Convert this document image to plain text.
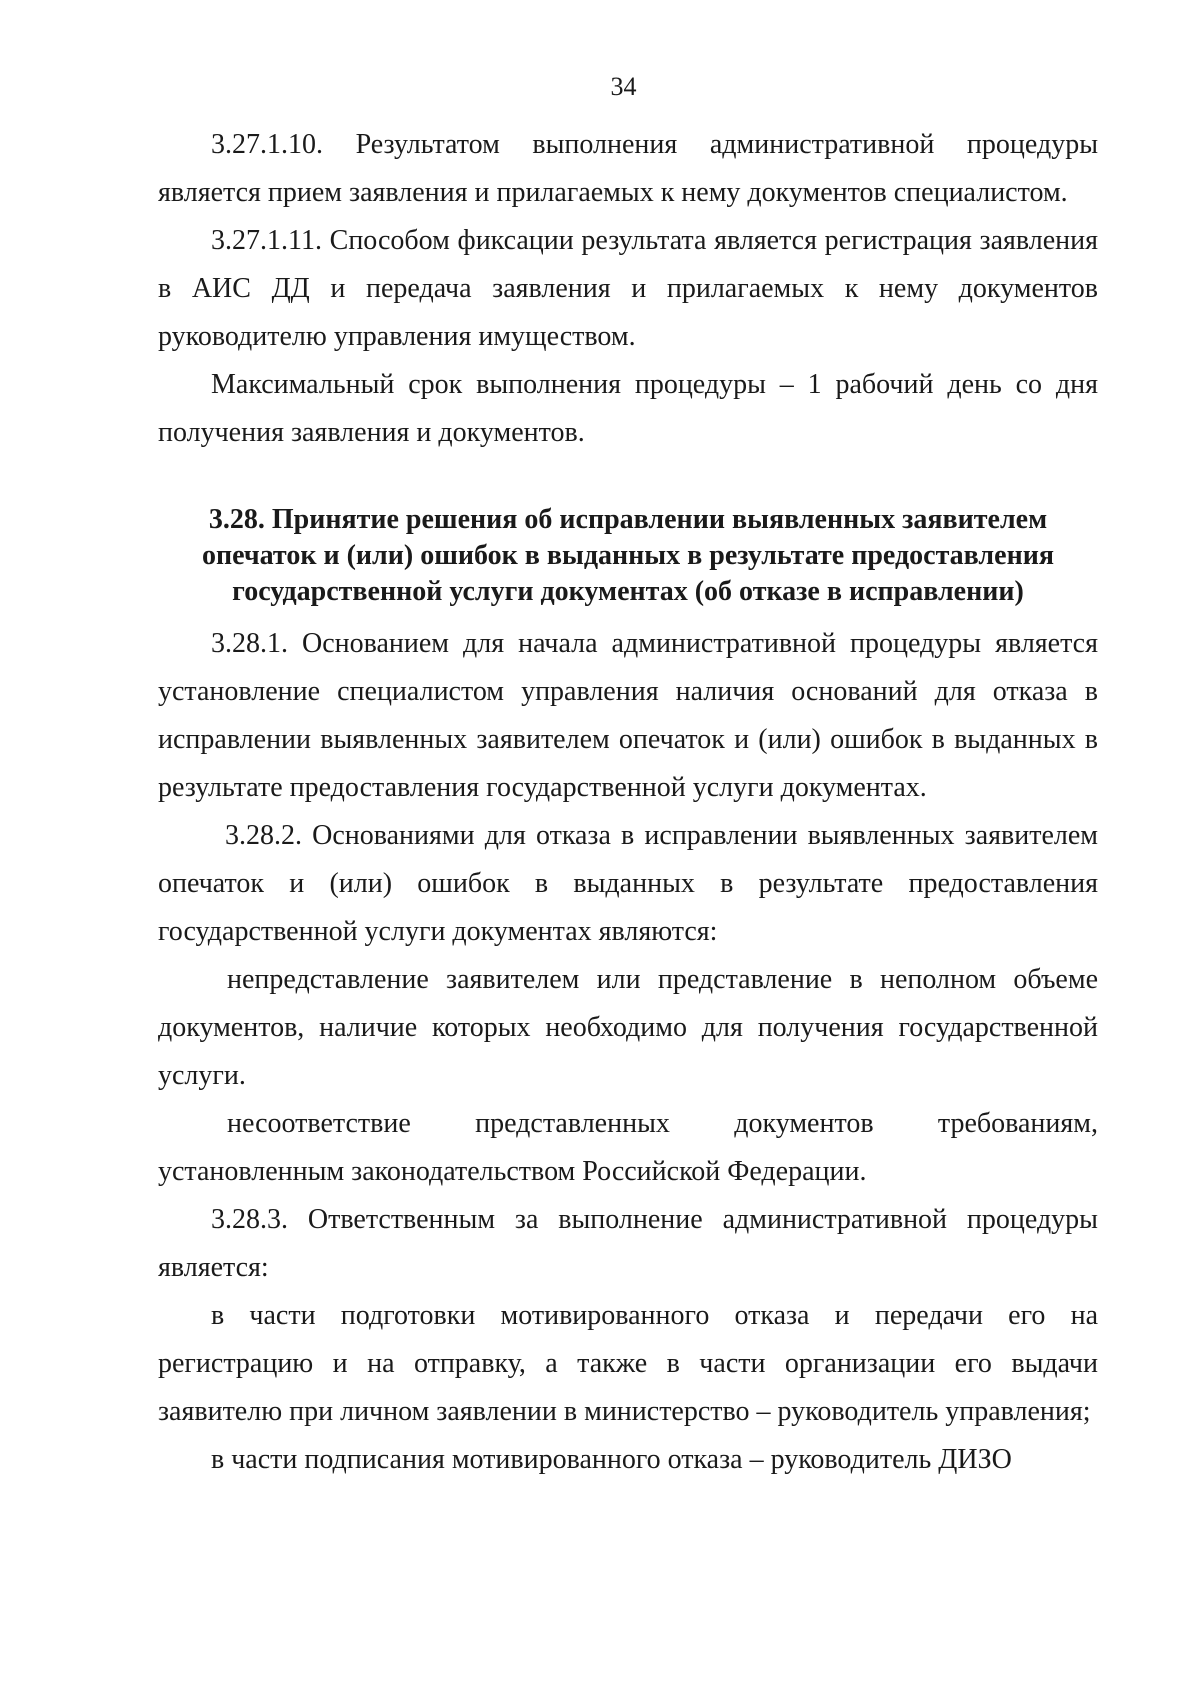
34

3.27.1.10. Результатом выполнения административной процедуры является прием заявления и прилагаемых к нему документов специалистом.

3.27.1.11. Способом фиксации результата является регистрация заявления в АИС ДД и передача заявления и прилагаемых к нему документов руководителю управления имуществом.

Максимальный срок выполнения процедуры – 1 рабочий день со дня получения заявления и документов.

3.28. Принятие решения об исправлении выявленных заявителем опечаток и (или) ошибок в выданных в результате предоставления государственной услуги документах (об отказе в исправлении)

3.28.1. Основанием для начала административной процедуры является установление специалистом управления наличия оснований для отказа в исправлении выявленных заявителем опечаток и (или) ошибок в выданных в результате предоставления государственной услуги документах.

3.28.2. Основаниями для отказа в исправлении выявленных заявителем опечаток и (или) ошибок в выданных в результате предоставления государственной услуги документах являются:

непредставление заявителем или представление в неполном объеме документов, наличие которых необходимо для получения государственной услуги.

несоответствие представленных документов требованиям, установленным законодательством Российской Федерации.

3.28.3. Ответственным за выполнение административной процедуры является:

в части подготовки мотивированного отказа и передачи его на регистрацию и на отправку, а также в части организации его выдачи заявителю при личном заявлении в министерство – руководитель управления;

в части подписания мотивированного отказа – руководитель ДИЗО
